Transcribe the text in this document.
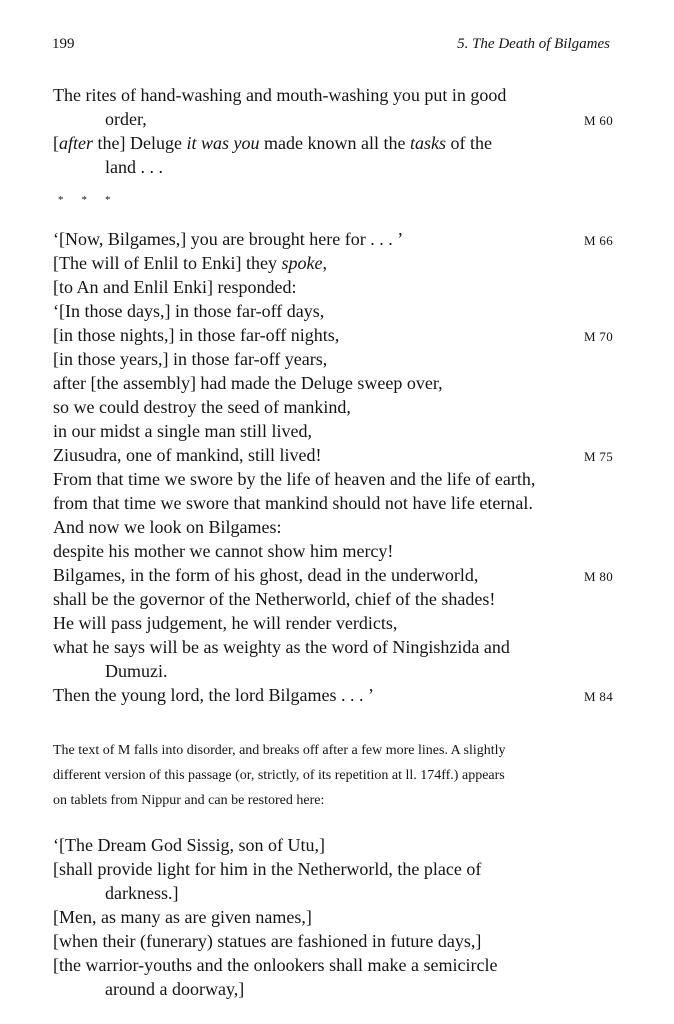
199	5. The Death of Bilgames
The rites of hand-washing and mouth-washing you put in good
order,	M 60
[after the] Deluge it was you made known all the tasks of the
land . . .
* * *
‘[Now, Bilgames,] you are brought here for . . . ’	M 66
[The will of Enlil to Enki] they spoke,
[to An and Enlil Enki] responded:
‘[In those days,] in those far-off days,
[in those nights,] in those far-off nights,	M 70
[in those years,] in those far-off years,
after [the assembly] had made the Deluge sweep over,
so we could destroy the seed of mankind,
in our midst a single man still lived,
Ziusudra, one of mankind, still lived!	M 75
From that time we swore by the life of heaven and the life of earth,
from that time we swore that mankind should not have life eternal.
And now we look on Bilgames:
despite his mother we cannot show him mercy!
Bilgames, in the form of his ghost, dead in the underworld,	M 80
shall be the governor of the Netherworld, chief of the shades!
He will pass judgement, he will render verdicts,
what he says will be as weighty as the word of Ningishzida and
Dumuzi.
Then the young lord, the lord Bilgames . . . ’	M 84

The text of M falls into disorder, and breaks off after a few more lines. A slightly

different version of this passage (or, strictly, of its repetition at ll. 174ff.) appears

on tablets from Nippur and can be restored here:

‘[The Dream God Sissig, son of Utu,]
[shall provide light for him in the Netherworld, the place of
darkness.]
[Men, as many as are given names,]
[when their (funerary) statues are fashioned in future days,]
[the warrior-youths and the onlookers shall make a semicircle
around a doorway,]
